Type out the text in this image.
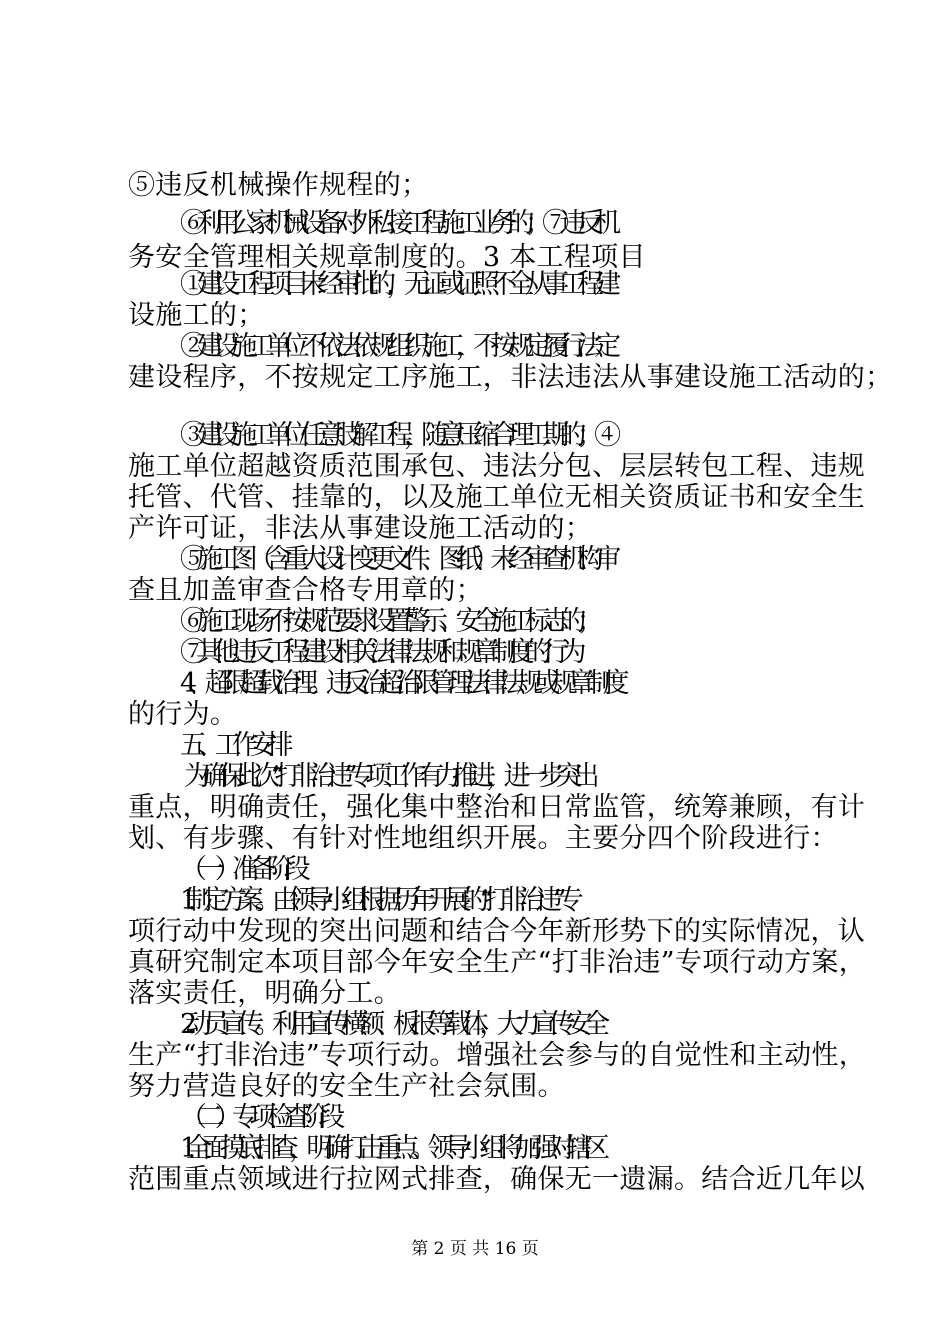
⑤违反机械操作规程的；
⑥ 利用公家机械设备对外私接工程施工业务的；⑦违反机
务安全管理相关规章制度的。3 本工程项目
① 建设工程项目未经审批的，无证或证照不全从事工程建
设施工的；
② 建设施工单位不依法依规组织施工，不按规定履行法定
建设程序，不按规定工序施工，非法违法从事建设施工活动的；
③ 建设施工单位任意肢解工程，随意压缩合理工期的；④
施工单位超越资质范围承包、违法分包、层层转包工程、违规
托管、代管、挂靠的，以及施工单位无相关资质证书和安全生
产许可证，非法从事建设施工活动的；
⑤ 施工图（含重大设计变更文件、图纸）未经审查机构审
查且加盖审查合格专用章的；
⑥ 施工现场不按规范要求设置警示、安全施工标志的；
⑦ 其他违反工程建设相关法律法规和规章制度的行为
4、超限超载治理。违反治超治限管理法律法规或规章制度
的行为。
五、工作安排
为确保此次“打非治违”专项工作有力推进，进一步突出
重点，明确责任，强化集中整治和日常监管，统筹兼顾，有计
划、有步骤、有针对性地组织开展。主要分四个阶段进行：
（一）准备阶段
1. 制定方案。由领导小组根据历年开展的“打非治违”专
项行动中发现的突出问题和结合今年新形势下的实际情况，认
真研究制定本项目部今年安全生产“打非治违”专项行动方案，
落实责任，明确分工。
2. 动员宣传。利用宣传横额、板报等载体，大力宣传安全
生产“打非治违”专项行动。增强社会参与的自觉性和主动性，
努力营造良好的安全生产社会氛围。
（二）专项检查阶段
1. 全面摸底排查，明确打击重点。领导小组将加强对辖区
范围重点领域进行拉网式排查，确保无一遗漏。结合近几年以
第 2 页 共 16 页
